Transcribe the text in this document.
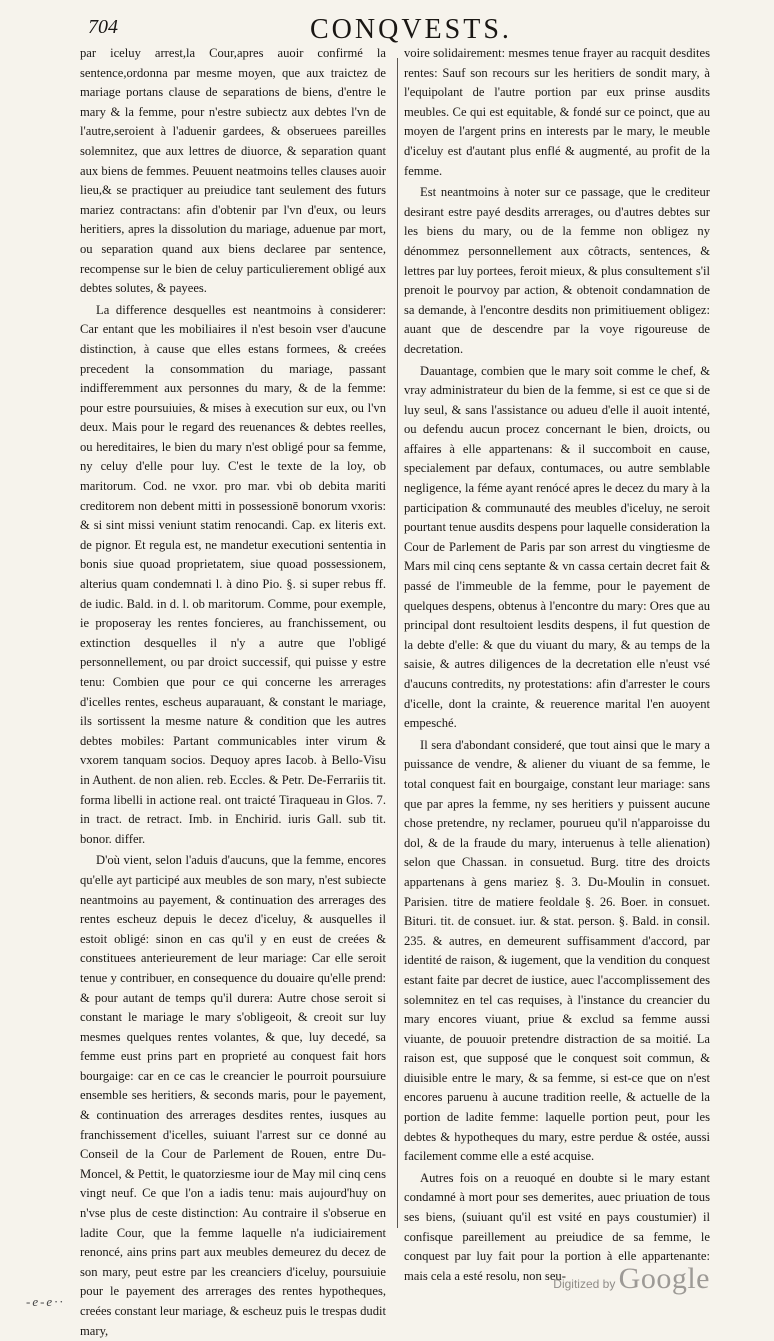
704	CONQVESTS.

par iceluy arrest,la Cour,apres auoir confirmé la sentence,ordonna par mesme moyen, que aux traictez de mariage portans clause de separations de biens, d'entre le mary & la femme, pour n'estre subiectz aux debtes l'vn de l'autre,seroient à l'aduenir gardees, & obseruees pareilles solemnitez, que aux lettres de diuorce, & separation quant aux biens de femmes. Peuuent neatmoins telles clauses auoir lieu,& se practiquer au preiudice tant seulement des futurs mariez contractans: afin d'obtenir par l'vn d'eux, ou leurs heritiers, apres la dissolution du mariage, aduenue par mort, ou separation quand aux biens declaree par sentence, recompense sur le bien de celuy particulierement obligé aux debtes solutes, & payees.

La difference desquelles est neantmoins à considerer: Car entant que les mobiliaires il n'est besoin vser d'aucune distinction, à cause que elles estans formees, & creées precedent la consommation du mariage, passant indifferemment aux personnes du mary, & de la femme: pour estre poursuiuies, & mises à execution sur eux, ou l'vn deux. Mais pour le regard des reuenances & debtes reelles, ou hereditaires, le bien du mary n'est obligé pour sa femme, ny celuy d'elle pour luy. C'est le texte de la loy, ob maritorum. Cod. ne vxor. pro mar. vbi ob debita mariti creditorem non debent mitti in possessionē bonorum vxoris: & si sint missi veniunt statim renocandi. Cap. ex literis ext. de pignor. Et regula est, ne mandetur executioni sententia in bonis siue quoad proprietatem, siue quoad possessionem, alterius quam condemnati l. à dino Pio. §. si super rebus ff. de iudic. Bald. in d. l. ob maritorum. Comme, pour exemple, ie proposeray les rentes foncieres, au franchissement, ou extinction desquelles il n'y a autre que l'obligé personnellement, ou par droict successif, qui puisse y estre tenu: Combien que pour ce qui concerne les arrerages d'icelles rentes, escheus auparauant, & constant le mariage, ils sortissent la mesme nature & condition que les autres debtes mobiles: Partant communicables inter virum & vxorem tanquam socios. Dequoy apres Iacob. à Bello-Visu in Authent. de non alien. reb. Eccles. & Petr. De-Ferrariis tit. forma libelli in actione real. ont traicté Tiraqueau in Glos. 7. in tract. de retract. Imb. in Enchirid. iuris Gall. sub tit. bonor. differ.

D'où vient, selon l'aduis d'aucuns, que la femme, encores qu'elle ayt participé aux meubles de son mary, n'est subiecte neantmoins au payement, & continuation des arrerages des rentes escheuz depuis le decez d'iceluy, & ausquelles il estoit obligé: sinon en cas qu'il y en eust de creées & constituees anterieurement de leur mariage: Car elle seroit tenue y contribuer, en consequence du douaire qu'elle prend: & pour autant de temps qu'il durera: Autre chose seroit si constant le mariage le mary s'obligeoit, & creoit sur luy mesmes quelques rentes volantes, & que, luy decedé, sa femme eust prins part en proprieté au conquest fait hors bourgaige: car en ce cas le creancier le pourroit poursuiure ensemble ses heritiers, & seconds maris, pour le payement, & continuation des arrerages desdites rentes, iusques au franchissement d'icelles, suiuant l'arrest sur ce donné au Conseil de la Cour de Parlement de Rouen, entre Du-Moncel, & Pettit, le quatorziesme iour de May mil cinq cens vingt neuf. Ce que l'on a iadis tenu: mais aujourd'huy on n'vse plus de ceste distinction: Au contraire il s'obserue en ladite Cour, que la femme laquelle n'a iudiciairement renoncé, ains prins part aux meubles demeurez du decez de son mary, peut estre par les creanciers d'iceluy, poursuiuie pour le payement des arrerages des rentes hypotheques, creées constant leur mariage, & escheuz puis le trespas dudit mary,

voire solidairement: mesmes tenue frayer au racquit desdites rentes: Sauf son recours sur les heritiers de sondit mary, à l'equipolant de l'autre portion par eux prinse ausdits meubles. Ce qui est equitable, & fondé sur ce poinct, que au moyen de l'argent prins en interests par le mary, le meuble d'iceluy est d'autant plus enflé & augmenté, au profit de la femme.

Est neantmoins à noter sur ce passage, que le crediteur desirant estre payé desdits arrerages, ou d'autres debtes sur les biens du mary, ou de la femme non obligez ny dénommez personnellement aux côtracts, sentences, & lettres par luy portees, feroit mieux, & plus consultement s'il prenoit le pourvoy par action, & obtenoit condamnation de sa demande, à l'encontre desdits non primitiuement obligez: auant que de descendre par la voye rigoureuse de decretation.

Dauantage, combien que le mary soit comme le chef, & vray administrateur du bien de la femme, si est ce que si de luy seul, & sans l'assistance ou adueu d'elle il auoit intenté, ou defendu aucun procez concernant le bien, droicts, ou affaires à elle appartenans: & il succomboit en cause, specialement par defaux, contumaces, ou autre semblable negligence, la féme ayant renócé apres le decez du mary à la participation & communauté des meubles d'iceluy, ne seroit pourtant tenue ausdits despens pour laquelle consideration la Cour de Parlement de Paris par son arrest du vingtiesme de Mars mil cinq cens septante & vn cassa certain decret fait & passé de l'immeuble de la femme, pour le payement de quelques despens, obtenus à l'encontre du mary: Ores que au principal dont resultoient lesdits despens, il fut question de la debte d'elle: & que du viuant du mary, & au temps de la saisie, & autres diligences de la decretation elle n'eust vsé d'aucuns contredits, ny protestations: afin d'arrester le cours d'icelle, dont la crainte, & reuerence marital l'en auoyent empesché.

Il sera d'abondant consideré, que tout ainsi que le mary a puissance de vendre, & aliener du viuant de sa femme, le total conquest fait en bourgaige, constant leur mariage: sans que par apres la femme, ny ses heritiers y puissent aucune chose pretendre, ny reclamer, pourueu qu'il n'apparoisse du dol, & de la fraude du mary, interuenus à telle alienation) selon que Chassan. in consuetud. Burg. titre des droicts appartenans à gens mariez §. 3. Du-Moulin in consuet. Parisien. titre de matiere feoldale §. 26. Boer. in consuet. Bituri. tit. de consuet. iur. & stat. person. §. Bald. in consil. 235. & autres, en demeurent suffisamment d'accord, par identité de raison, & iugement, que la vendition du conquest estant faite par decret de iustice, auec l'accomplissement des solemnitez en tel cas requises, à l'instance du creancier du mary encores viuant, priue & exclud sa femme aussi viuante, de pouuoir pretendre distraction de sa moitié. La raison est, que supposé que le conquest soit commun, & diuisible entre le mary, & sa femme, si est-ce que on n'est encores paruenu à aucune tradition reelle, & actuelle de la portion de ladite femme: laquelle portion peut, pour les debtes & hypotheques du mary, estre perdue & ostée, aussi facilement comme elle a esté acquise.

Autres fois on a reuoqué en doubte si le mary estant condamné à mort pour ses demerites, auec priuation de tous ses biens, (suiuant qu'il est vsité en pays coustumier) il confisque pareillement au preiudice de sa femme, le conquest par luy fait pour la portion à elle appartenante: mais cela a esté resolu, non seu-

Digitized by Google
-e-e··
